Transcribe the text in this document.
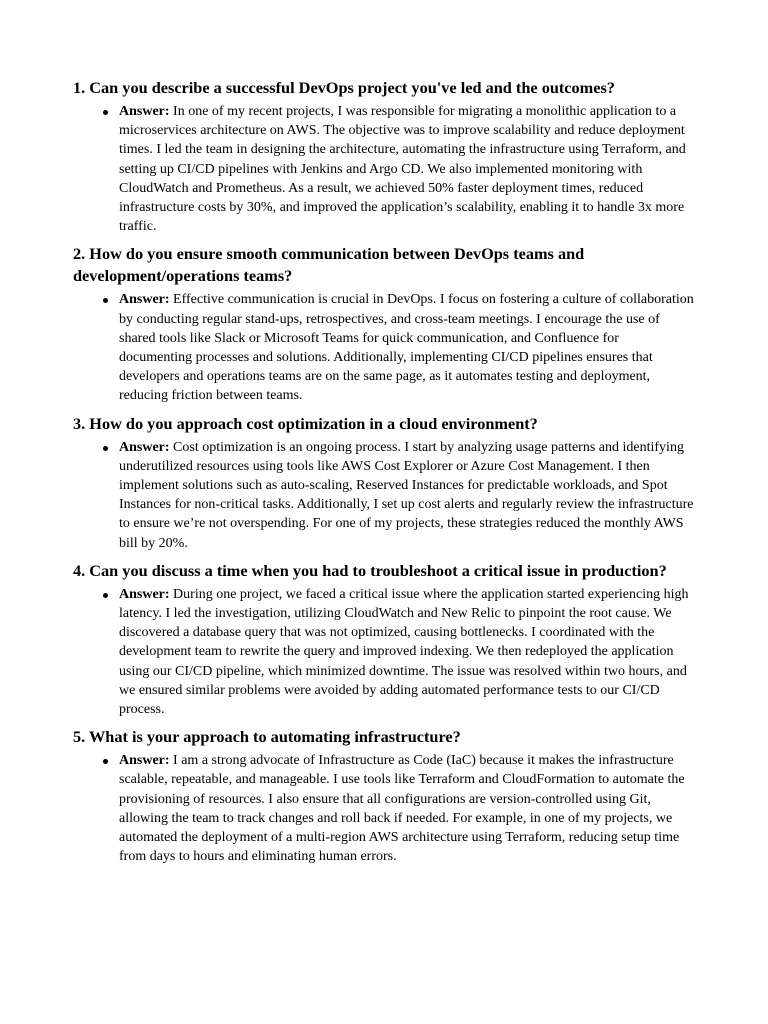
1. Can you describe a successful DevOps project you've led and the outcomes?
Answer: In one of my recent projects, I was responsible for migrating a monolithic application to a microservices architecture on AWS. The objective was to improve scalability and reduce deployment times. I led the team in designing the architecture, automating the infrastructure using Terraform, and setting up CI/CD pipelines with Jenkins and Argo CD. We also implemented monitoring with CloudWatch and Prometheus. As a result, we achieved 50% faster deployment times, reduced infrastructure costs by 30%, and improved the application’s scalability, enabling it to handle 3x more traffic.
2. How do you ensure smooth communication between DevOps teams and development/operations teams?
Answer: Effective communication is crucial in DevOps. I focus on fostering a culture of collaboration by conducting regular stand-ups, retrospectives, and cross-team meetings. I encourage the use of shared tools like Slack or Microsoft Teams for quick communication, and Confluence for documenting processes and solutions. Additionally, implementing CI/CD pipelines ensures that developers and operations teams are on the same page, as it automates testing and deployment, reducing friction between teams.
3. How do you approach cost optimization in a cloud environment?
Answer: Cost optimization is an ongoing process. I start by analyzing usage patterns and identifying underutilized resources using tools like AWS Cost Explorer or Azure Cost Management. I then implement solutions such as auto-scaling, Reserved Instances for predictable workloads, and Spot Instances for non-critical tasks. Additionally, I set up cost alerts and regularly review the infrastructure to ensure we’re not overspending. For one of my projects, these strategies reduced the monthly AWS bill by 20%.
4. Can you discuss a time when you had to troubleshoot a critical issue in production?
Answer: During one project, we faced a critical issue where the application started experiencing high latency. I led the investigation, utilizing CloudWatch and New Relic to pinpoint the root cause. We discovered a database query that was not optimized, causing bottlenecks. I coordinated with the development team to rewrite the query and improved indexing. We then redeployed the application using our CI/CD pipeline, which minimized downtime. The issue was resolved within two hours, and we ensured similar problems were avoided by adding automated performance tests to our CI/CD process.
5. What is your approach to automating infrastructure?
Answer: I am a strong advocate of Infrastructure as Code (IaC) because it makes the infrastructure scalable, repeatable, and manageable. I use tools like Terraform and CloudFormation to automate the provisioning of resources. I also ensure that all configurations are version-controlled using Git, allowing the team to track changes and roll back if needed. For example, in one of my projects, we automated the deployment of a multi-region AWS architecture using Terraform, reducing setup time from days to hours and eliminating human errors.
